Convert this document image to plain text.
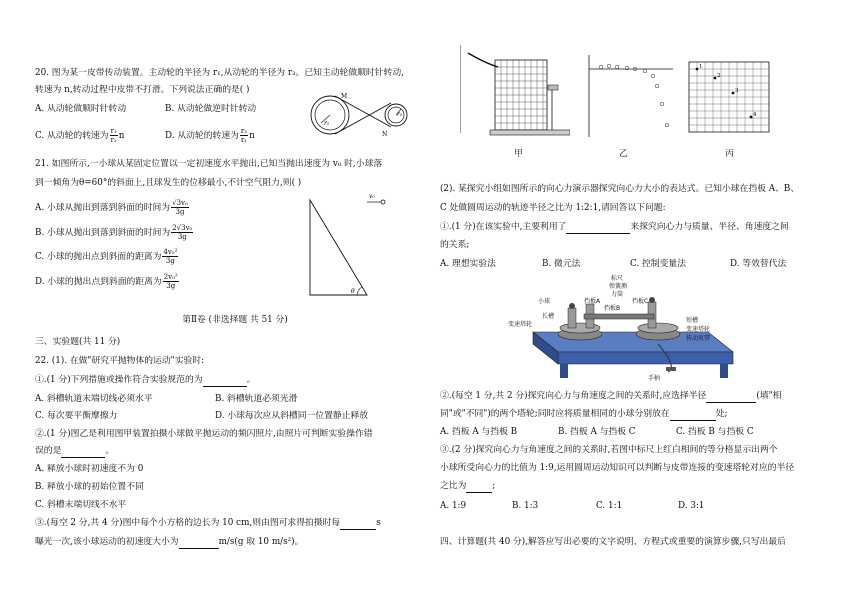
20. 图为某一皮带传动装置。主动轮的半径为 r₁,从动轮的半径为 r₂。已知主动轮做顺时针转动,
转速为 n,转动过程中皮带不打滑。下列说法正确的是( )
A. 从动轮做顺时针转动	B. 从动轮做逆时针转动
C. 从动轮的转速为 $\frac{\text{r₁}}{\text{r₂}}$ n	D. 从动轮的转速为 $\frac{\text{r₂}}{\text{r₁}}$ n
M
N
r₁
r₂
21. 如图所示,一小球从某固定位置以一定初速度水平抛出,已知当抛出速度为 v₀ 时,小球落
到一倾角为θ=60°的斜面上,且球发生的位移最小,不计空气阻力,则( )
A. 小球从抛出到落到斜面的时间为 $\frac{\text{√3v₀}}{3g}$
B. 小球从抛出到落到斜面的时间为 $\frac{\text{2√3v₀}}{3g}$
C. 小球的抛出点到斜面的距离为 $\frac{\text{4v₀²}}{3g}$
D. 小球的抛出点到斜面的距离为 $\frac{\text{2v₀²}}{3g}$
v₀
θ
第Ⅱ卷 (非选择题 共 51 分)
三、实验题(共 11 分)
22. (1). 在做"研究平抛物体的运动"实验时:
①.(1 分)下列措施或操作符合实验规范的为	。
A. 斜槽轨道末端切线必须水平	B. 斜槽轨道必须光滑
C. 每次要平衡摩擦力	D. 小球每次应从斜槽同一位置静止释放
②.(1 分)图乙是利用图甲装置拍摄小球做平抛运动的频闪照片,由照片可判断实验操作错
误的是	。
A. 释放小球时初速度不为 0
B. 释放小球的初始位置不同
C. 斜槽末端切线不水平
③.(每空 2 分,共 4 分)图中每个小方格的边长为 10 cm,则由图可求得拍摄时每	s
曝光一次,该小球运动的初速度大小为	m/s(g 取 10 m/s²)。
甲	乙
1
2
3
4
丙
(2). 某探究小组如图所示的向心力演示器探究向心力大小的表达式。已知小球在挡板 A、B、
C 处做圆周运动的轨迹半径之比为 1:2:1,请回答以下问题:
①.(1 分)在该实验中,主要利用了	来探究向心力与质量、半径、角速度之间
的关系;
A. 理想实验法	B. 微元法	C. 控制变量法	D. 等效替代法
标尺
弹簧测
力筒
小球	挡板A
挡板B
挡板C
长槽
变速塔轮
短槽
变速塔轮
传动皮带
手柄
②.(每空 1 分,共 2 分)探究向心力与角速度之间的关系时,应选择半径	(填"相
同"或"不同")的两个塔轮;同时应将质量相同的小球分别放在	处;
A. 挡板 A 与挡板 B	B. 挡板 A 与挡板 C	C. 挡板 B 与挡板 C
③.(2 分)探究向心力与角速度之间的关系时,若图中标尺上红白相间的等分格显示出两个
小球所受向心力的比值为 1:9,运用圆周运动知识可以判断与皮带连接的变速塔轮对应的半径
之比为	;
A. 1:9	B. 1:3	C. 1:1	D. 3:1
四、计算题(共 40 分),解答应写出必要的文字说明、方程式或重要的演算步骤,只写出最后
